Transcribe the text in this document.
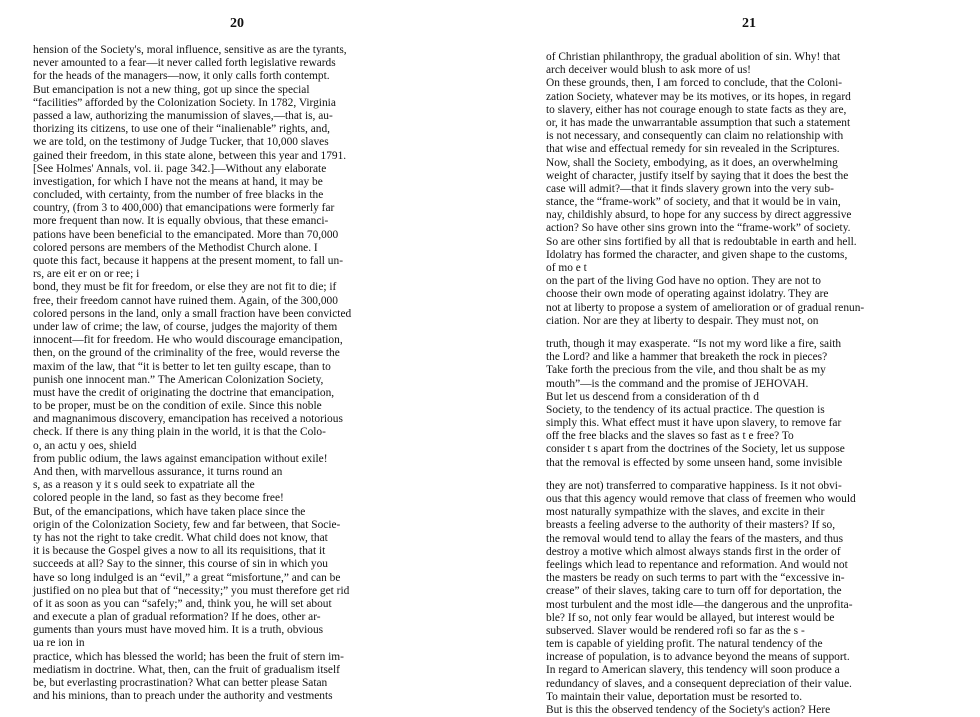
20
hension of the Society's, moral influence, sensitive as are the tyrants,
never amounted to a fear—it never called forth legislative rewards
for the heads of the managers—now, it only calls forth contempt.
But emancipation is not a new thing, got up since the special
“facilities” afforded by the Colonization Society. In 1782, Virginia
passed a law, authorizing the manumission of slaves,—that is, au-
thorizing its citizens, to use one of their “inalienable” rights, and,
we are told, on the testimony of Judge Tucker, that 10,000 slaves
gained their freedom, in this state alone, between this year and 1791.
[See Holmes' Annals, vol. ii. page 342.]—Without any elaborate
investigation, for which I have not the means at hand, it may be
concluded, with certainty, from the number of free blacks in the
country, (from 3 to 400,000) that emancipations were formerly far
more frequent than now. It is equally obvious, that these emanci-
pations have been beneficial to the emancipated. More than 70,000
colored persons are members of the Methodist Church alone. I
quote this fact, because it happens at the present moment, to fall un-
rs, are eit er on or ree; i
bond, they must be fit for freedom, or else they are not fit to die; if
free, their freedom cannot have ruined them. Again, of the 300,000
colored persons in the land, only a small fraction have been convicted
under law of crime; the law, of course, judges the majority of them
innocent—fit for freedom. He who would discourage emancipation,
then, on the ground of the criminality of the free, would reverse the
maxim of the law, that “it is better to let ten guilty escape, than to
punish one innocent man.” The American Colonization Society,
must have the credit of originating the doctrine that emancipation,
to be proper, must be on the condition of exile. Since this noble
and magnanimous discovery, emancipation has received a notorious
check. If there is any thing plain in the world, it is that the Colo-
o, an actu y oes, shield
from public odium, the laws against emancipation without exile!
And then, with marvellous assurance, it turns round an
s, as a reason y it s ould seek to expatriate all the
colored people in the land, so fast as they become free!
But, of the emancipations, which have taken place since the
origin of the Colonization Society, few and far between, that Socie-
ty has not the right to take credit. What child does not know, that
it is because the Gospel gives a now to all its requisitions, that it
succeeds at all? Say to the sinner, this course of sin in which you
have so long indulged is an “evil,” a great “misfortune,” and can be
justified on no plea but that of “necessity;” you must therefore get rid
of it as soon as you can “safely;” and, think you, he will set about
and execute a plan of gradual reformation? If he does, other ar-
guments than yours must have moved him. It is a truth, obvious
ua re ion in
practice, which has blessed the world; has been the fruit of stern im-
mediatism in doctrine. What, then, can the fruit of gradualism itself
be, but everlasting procrastination? What can better please Satan
and his minions, than to preach under the authority and vestments
21
of Christian philanthropy, the gradual abolition of sin. Why! that
arch deceiver would blush to ask more of us!
On these grounds, then, I am forced to conclude, that the Coloni-
zation Society, whatever may be its motives, or its hopes, in regard
to slavery, either has not courage enough to state facts as they are,
or, it has made the unwarrantable assumption that such a statement
is not necessary, and consequently can claim no relationship with
that wise and effectual remedy for sin revealed in the Scriptures.
Now, shall the Society, embodying, as it does, an overwhelming
weight of character, justify itself by saying that it does the best the
case will admit?—that it finds slavery grown into the very sub-
stance, the “frame-work” of society, and that it would be in vain,
nay, childishly absurd, to hope for any success by direct aggressive
action? So have other sins grown into the “frame-work” of society.
So are other sins fortified by all that is redoubtable in earth and hell.
Idolatry has formed the character, and given shape to the customs,
of mo e t
on the part of the living God have no option. They are not to
choose their own mode of operating against idolatry. They are
not at liberty to propose a system of amelioration or of gradual renun-
ciation. Nor are they at liberty to despair. They must not, on
truth, though it may exasperate. “Is not my word like a fire, saith
the Lord? and like a hammer that breaketh the rock in pieces?
Take forth the precious from the vile, and thou shalt be as my
mouth”—is the command and the promise of JEHOVAH.
But let us descend from a consideration of th d
Society, to the tendency of its actual practice. The question is
simply this. What effect must it have upon slavery, to remove far
off the free blacks and the slaves so fast as t e free? To
consider t s apart from the doctrines of the Society, let us suppose
that the removal is effected by some unseen hand, some invisible
they are not) transferred to comparative happiness. Is it not obvi-
ous that this agency would remove that class of freemen who would
most naturally sympathize with the slaves, and excite in their
breasts a feeling adverse to the authority of their masters? If so,
the removal would tend to allay the fears of the masters, and thus
destroy a motive which almost always stands first in the order of
feelings which lead to repentance and reformation. And would not
the masters be ready on such terms to part with the “excessive in-
crease” of their slaves, taking care to turn off for deportation, the
most turbulent and the most idle—the dangerous and the unprofita-
ble? If so, not only fear would be allayed, but interest would be
subserved. Slaver would be rendered rofi so far as the s -
tem is capable of yielding profit. The natural tendency of the
increase of population, is to advance beyond the means of support.
In regard to American slavery, this tendency will soon produce a
redundancy of slaves, and a consequent depreciation of their value.
To maintain their value, deportation must be resorted to.
But is this the observed tendency of the Society's action? Here
